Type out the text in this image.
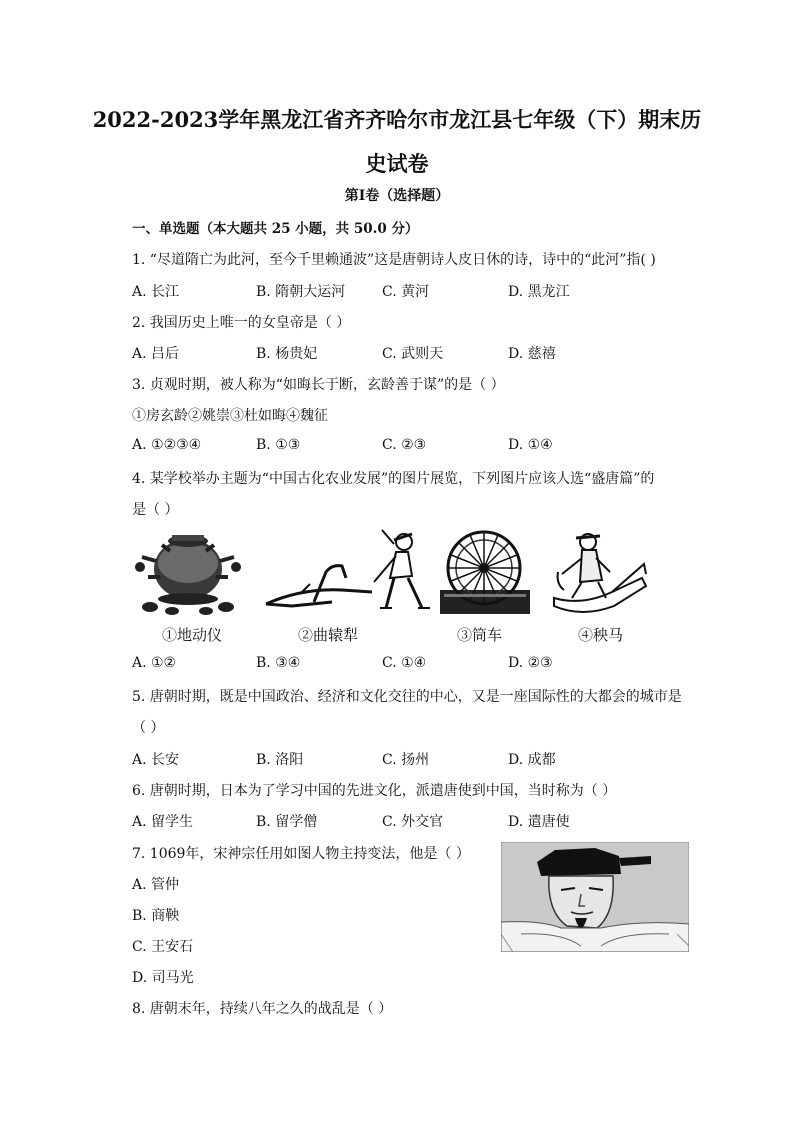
2022-2023学年黑龙江省齐齐哈尔市龙江县七年级（下）期末历
史试卷
第I卷（选择题）
一、单选题（本大题共 25 小题，共 50.0 分）
1. “尽道隋亡为此河，至今千里赖通波”这是唐朝诗人皮日休的诗，诗中的“此河”指( )
A. 长江	B. 隋朝大运河	C. 黄河	D. 黑龙江
2. 我国历史上唯一的女皇帝是（ ）
A. 吕后	B. 杨贵妃	C. 武则天	D. 慈禧
3. 贞观时期，被人称为“如晦长于断，玄龄善于谋”的是（ ）
①房玄龄②姚崇③杜如晦④魏征
A. ①②③④	B. ①③	C. ②③	D. ①④
4. 某学校举办主题为“中国古化农业发展”的图片展览，下列图片应该人选“盛唐篇”的
是（ ）
①地动仪	②曲辕犁	③筒车	④秧马
A. ①②	B. ③④	C. ①④	D. ②③
5. 唐朝时期，既是中国政治、经济和文化交往的中心，又是一座国际性的大都会的城市是
（ ）
A. 长安	B. 洛阳	C. 扬州	D. 成都
6. 唐朝时期，日本为了学习中国的先进文化，派遣唐使到中国，当时称为（ ）
A. 留学生	B. 留学僧	C. 外交官	D. 遣唐使
7. 1069年，宋神宗任用如图人物主持变法，他是（ ）
A. 管仲
B. 商鞅
C. 王安石
D. 司马光
8. 唐朝末年，持续八年之久的战乱是（ ）
